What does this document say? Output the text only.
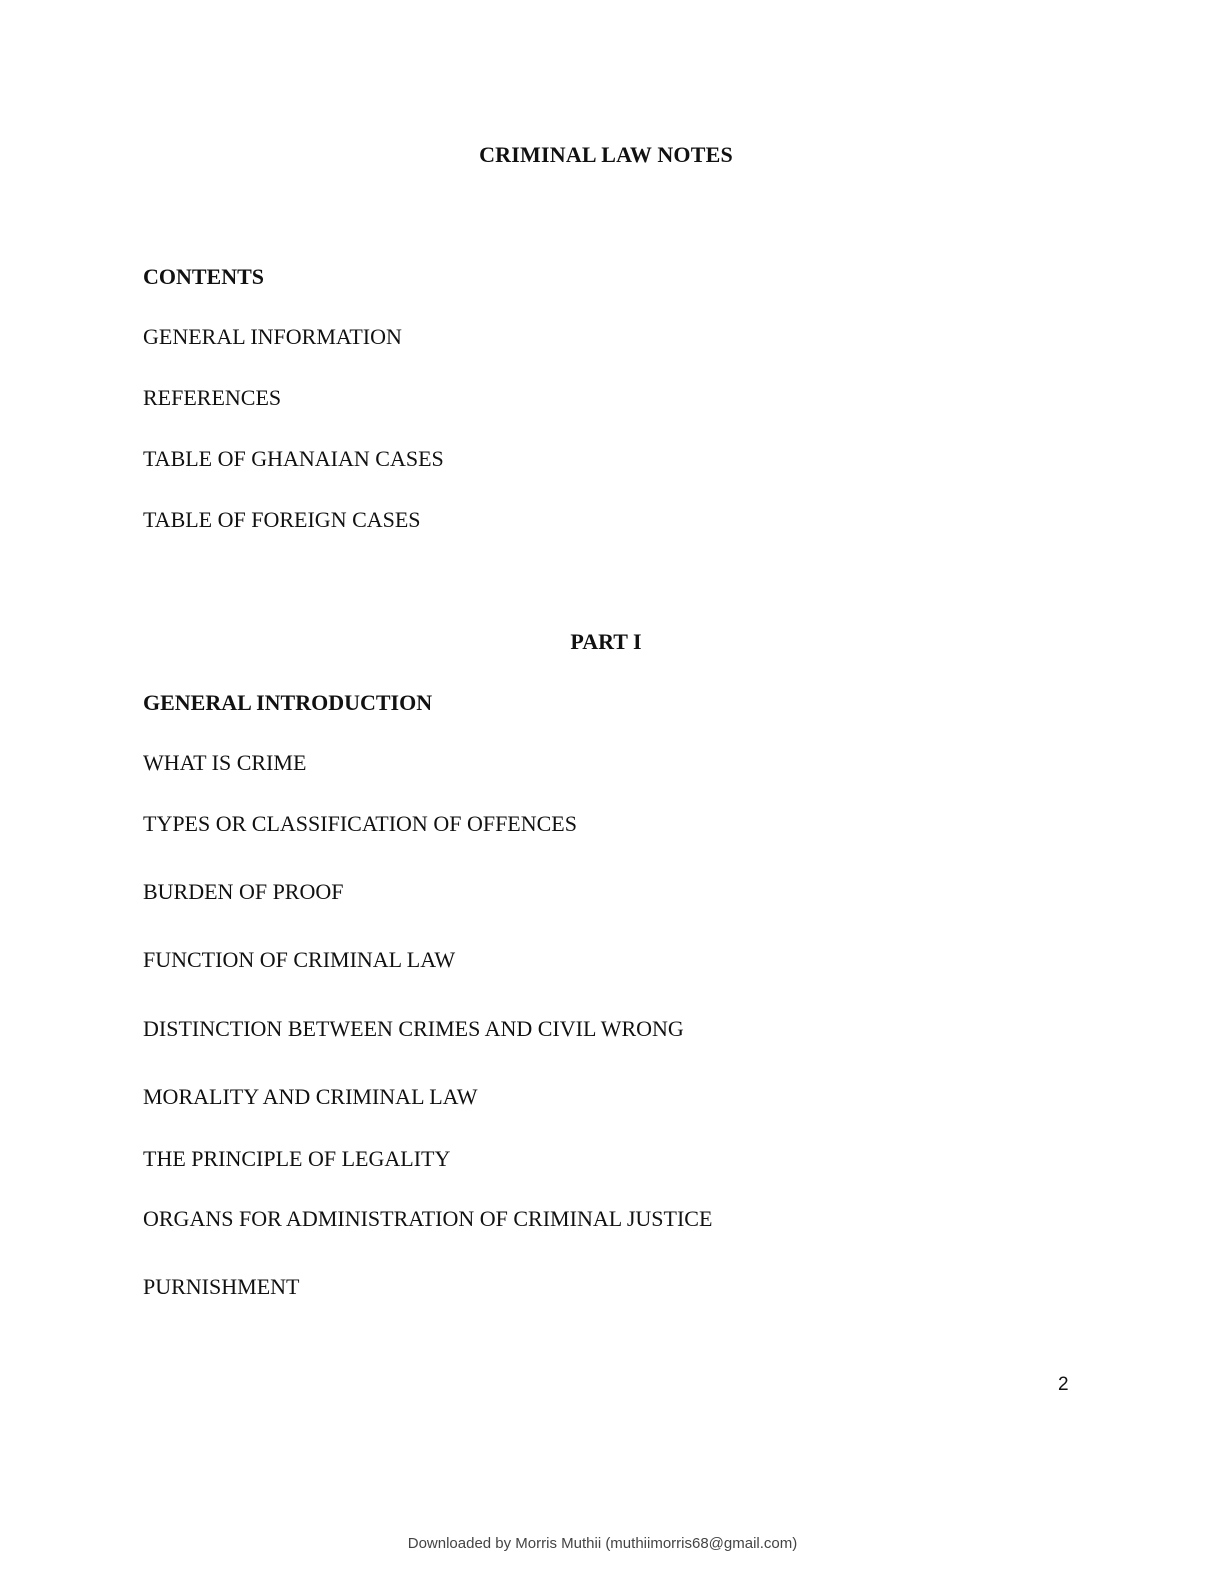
CRIMINAL LAW NOTES
CONTENTS
GENERAL INFORMATION
REFERENCES
TABLE OF GHANAIAN CASES
TABLE OF FOREIGN CASES
PART I
GENERAL INTRODUCTION
WHAT IS CRIME
TYPES OR CLASSIFICATION OF OFFENCES
BURDEN OF PROOF
FUNCTION OF CRIMINAL LAW
DISTINCTION BETWEEN CRIMES AND CIVIL WRONG
MORALITY AND CRIMINAL LAW
THE PRINCIPLE OF LEGALITY
ORGANS FOR ADMINISTRATION OF CRIMINAL JUSTICE
PURNISHMENT
2
Downloaded by Morris Muthii (muthiimorris68@gmail.com)
